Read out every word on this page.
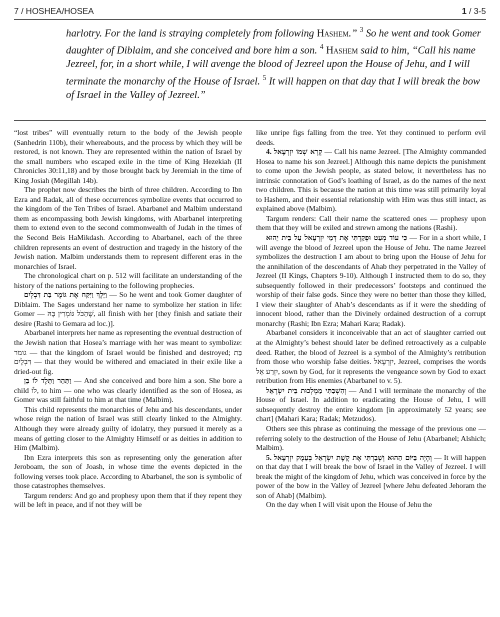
7 / HOSHEA/HOSEA	1 / 3-5
harlotry. For the land is straying completely from following Hashem.” $^3$ So he went and took Gomer daughter of Diblaim, and she conceived and bore him a son. $^4$ Hashem said to him, “Call his name Jezreel, for, in a short while, I will avenge the blood of Jezreel upon the House of Jehu, and I will terminate the monarchy of the House of Israel. $^5$ It will happen on that day that I will break the bow of Israel in the Valley of Jezreel.”

“lost tribes” will eventually return to the body of the Jewish people (Sanhedrin 110b), their whereabouts, and the process by which they will be restored, is not known. They are represented within the nation of Israel by the small numbers who escaped exile in the time of King Hezekiah (II Chronicles 30:11,18) and by those brought back by Jeremiah in the time of King Josiah (Megillah 14b).

The prophet now describes the birth of three children. According to Ibn Ezra and Radak, all of these occurrences symbolize events that occurred to the kingdom of the Ten Tribes of Israel. Abarbanel and Malbim understand them as encompassing both Jewish kingdoms, with Abarbanel interpreting them to extend even to the second commonwealth of Judah in the times of the Second Beis HaMikdash. According to Abarbanel, each of the three children represents an event of destruction and tragedy in the history of the Jewish nation. Malbim understands them to represent different eras in the monarchies of Israel.

The chronological chart on p. 512 will facilitate an understanding of the history of the nations pertaining to the following prophecies.

וַיֵּלֶךְ וַיִּקַּח אֶת גּוֹמֶר בַּת דִּבְלָיִם — So he went and took Gomer daughter of Diblaim. The Sages understand her name to symbolize her station in life: Gomer — שֶׁהַכֹּל גּוֹמְרִין בָּהּ, all finish with her [they finish and satiate their desire (Rashi to Gemara ad loc.)].

Abarbanel interprets her name as representing the eventual destruction of the Jewish nation that Hosea’s marriage with her was meant to symbolize: גומר — that the kingdom of Israel would be finished and destroyed; בַּת דִּבְלָיִם — that they would be withered and emaciated in their exile like a dried-out fig.

וַתַּהַר וַתֵּלֶד לוֹ בֵּן — And she conceived and bore him a son. She bore a child לוֹ, to him — one who was clearly identified as the son of Hosea, as Gomer was still faithful to him at that time (Malbim).

This child represents the monarchies of Jehu and his descendants, under whose reign the nation of Israel was still clearly linked to the Almighty. Although they were already guilty of idolatry, they pursued it merely as a means of getting closer to the Almighty Himself or as deities in addition to Him (Malbim).

Ibn Ezra interprets this son as representing only the generation after Jeroboam, the son of Joash, in whose time the events depicted in the following verses took place. According to Abarbanel, the son is symbolic of those catastrophes themselves.

Targum renders: And go and prophesy upon them that if they repent they will be left in peace, and if not they will be

like unripe figs falling from the tree. Yet they continued to perform evil deeds.

4. קְרָא שְׁמוֹ יִזְרְעֶאל — Call his name Jezreel. [The Almighty commanded Hosea to name his son Jezreel.] Although this name depicts the punishment to come upon the Jewish people, as stated below, it nevertheless has no intrinsic connotation of God’s loathing of Israel, as do the names of the next two children. This is because the nation at this time was still primarily loyal to Hashem, and their essential relationship with Him was thus still intact, as explained above (Malbim).

Targum renders: Call their name the scattered ones — prophesy upon them that they will be exiled and strewn among the nations (Rashi).

כִּי עוֹד מְעַט וּפָקַדְתִּי אֶת דְּמֵי יִזְרְעֶאל עַל בֵּית יֵהוּא — For in a short while, I will avenge the blood of Jezreel upon the House of Jehu. The name Jezreel symbolizes the destruction I am about to bring upon the House of Jehu for the annihilation of the descendants of Ahab they perpetrated in the Valley of Jezreel (II Kings, Chapters 9-10). Although I instructed them to do so, they subsequently followed in their predecessors’ footsteps and continued the worship of their false gods. Since they were no better than those they killed, I view their slaughter of Ahab’s descendants as if it were the shedding of innocent blood, rather than the Divinely ordained destruction of a corrupt monarchy (Rashi; Ibn Ezra; Mahari Kara; Radak).

Abarbanel considers it inconceivable that an act of slaughter carried out at the Almighty’s behest should later be defined retroactively as a culpable deed. Rather, the blood of Jezreel is a symbol of the Almighty’s retribution from those who worship false deities. יִזְרְעֶאל, Jezreel, comprises the words יִזְרַע אֵל, sown by God, for it represents the vengeance sown by God to exact retribution from His enemies (Abarbanel to v. 5).

וְהִשְׁבַּתִּי מַמְלְכוּת בֵּית יִשְׂרָאֵל — And I will terminate the monarchy of the House of Israel. In addition to eradicating the House of Jehu, I will subsequently destroy the entire kingdom [in approximately 52 years; see chart] (Mahari Kara; Radak; Metzudos).

Others see this phrase as continuing the message of the previous one — referring solely to the destruction of the House of Jehu (Abarbanel; Alshich; Malbim).

5. וְהָיָה בַּיּוֹם הַהוּא וְשָׁבַרְתִּי אֶת קֶשֶׁת יִשְׂרָאֵל בְּעֵמֶק יִזְרְעֶאל — It will happen on that day that I will break the bow of Israel in the Valley of Jezreel. I will break the might of the kingdom of Jehu, which was conceived in force by the power of the bow in the Valley of Jezreel [where Jehu defeated Jehoram the son of Ahab] (Malbim).

On the day when I will visit upon the House of Jehu the
